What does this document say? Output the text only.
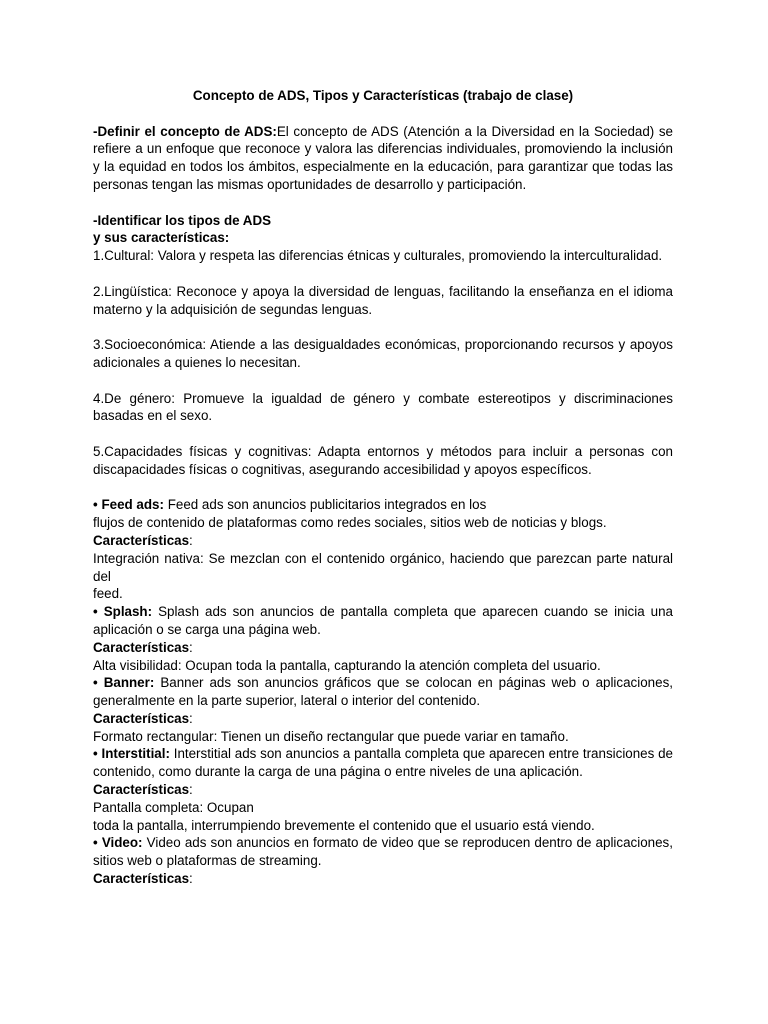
Concepto de ADS, Tipos y Características (trabajo de clase)

-Definir el concepto de ADS:El concepto de ADS (Atención a la Diversidad en la Sociedad) se refiere a un enfoque que reconoce y valora las diferencias individuales, promoviendo la inclusión y la equidad en todos los ámbitos, especialmente en la educación, para garantizar que todas las personas tengan las mismas oportunidades de desarrollo y participación.

-Identificar los tipos de ADS

y sus características:

1.Cultural: Valora y respeta las diferencias étnicas y culturales, promoviendo la interculturalidad.

2.Lingüística: Reconoce y apoya la diversidad de lenguas, facilitando la enseñanza en el idioma materno y la adquisición de segundas lenguas.

3.Socioeconómica: Atiende a las desigualdades económicas, proporcionando recursos y apoyos adicionales a quienes lo necesitan.

4.De género: Promueve la igualdad de género y combate estereotipos y discriminaciones basadas en el sexo.

5.Capacidades físicas y cognitivas: Adapta entornos y métodos para incluir a personas con discapacidades físicas o cognitivas, asegurando accesibilidad y apoyos específicos.

• Feed ads: Feed ads son anuncios publicitarios integrados en los

flujos de contenido de plataformas como redes sociales, sitios web de noticias y blogs.

Características:

Integración nativa: Se mezclan con el contenido orgánico, haciendo que parezcan parte natural del

feed.

• Splash: Splash ads son anuncios de pantalla completa que aparecen cuando se inicia una aplicación o se carga una página web.

Características:

Alta visibilidad: Ocupan toda la pantalla, capturando la atención completa del usuario.

• Banner: Banner ads son anuncios gráficos que se colocan en páginas web o aplicaciones, generalmente en la parte superior, lateral o interior del contenido.

Características:

Formato rectangular: Tienen un diseño rectangular que puede variar en tamaño.

• Interstitial: Interstitial ads son anuncios a pantalla completa que aparecen entre transiciones de contenido, como durante la carga de una página o entre niveles de una aplicación.

Características:

Pantalla completa: Ocupan

toda la pantalla, interrumpiendo brevemente el contenido que el usuario está viendo.

• Video: Video ads son anuncios en formato de video que se reproducen dentro de aplicaciones, sitios web o plataformas de streaming.

Características:
